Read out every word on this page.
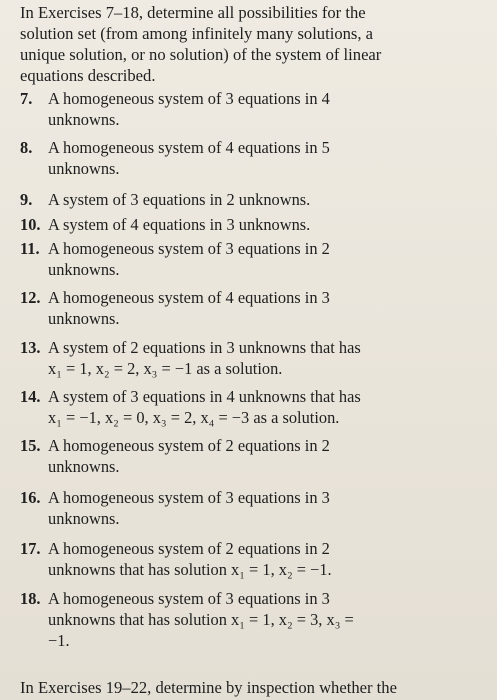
In Exercises 7–18, determine all possibilities for the
solution set (from among infinitely many solutions, a
unique solution, or no solution) of the system of linear
equations described.
7. A homogeneous system of 3 equations in 4
unknowns.
8. A homogeneous system of 4 equations in 5
unknowns.
9. A system of 3 equations in 2 unknowns.
10. A system of 4 equations in 3 unknowns.
11. A homogeneous system of 3 equations in 2
unknowns.
12. A homogeneous system of 4 equations in 3
unknowns.
13. A system of 2 equations in 3 unknowns that has
x₁ = 1, x₂ = 2, x₃ = −1 as a solution.
14. A system of 3 equations in 4 unknowns that has
x₁ = −1, x₂ = 0, x₃ = 2, x₄ = −3 as a solution.
15. A homogeneous system of 2 equations in 2
unknowns.
16. A homogeneous system of 3 equations in 3
unknowns.
17. A homogeneous system of 2 equations in 2
unknowns that has solution x₁ = 1, x₂ = −1.
18. A homogeneous system of 3 equations in 3
unknowns that has solution x₁ = 1, x₂ = 3, x₃ =
−1.
In Exercises 19–22, determine by inspection whether the
